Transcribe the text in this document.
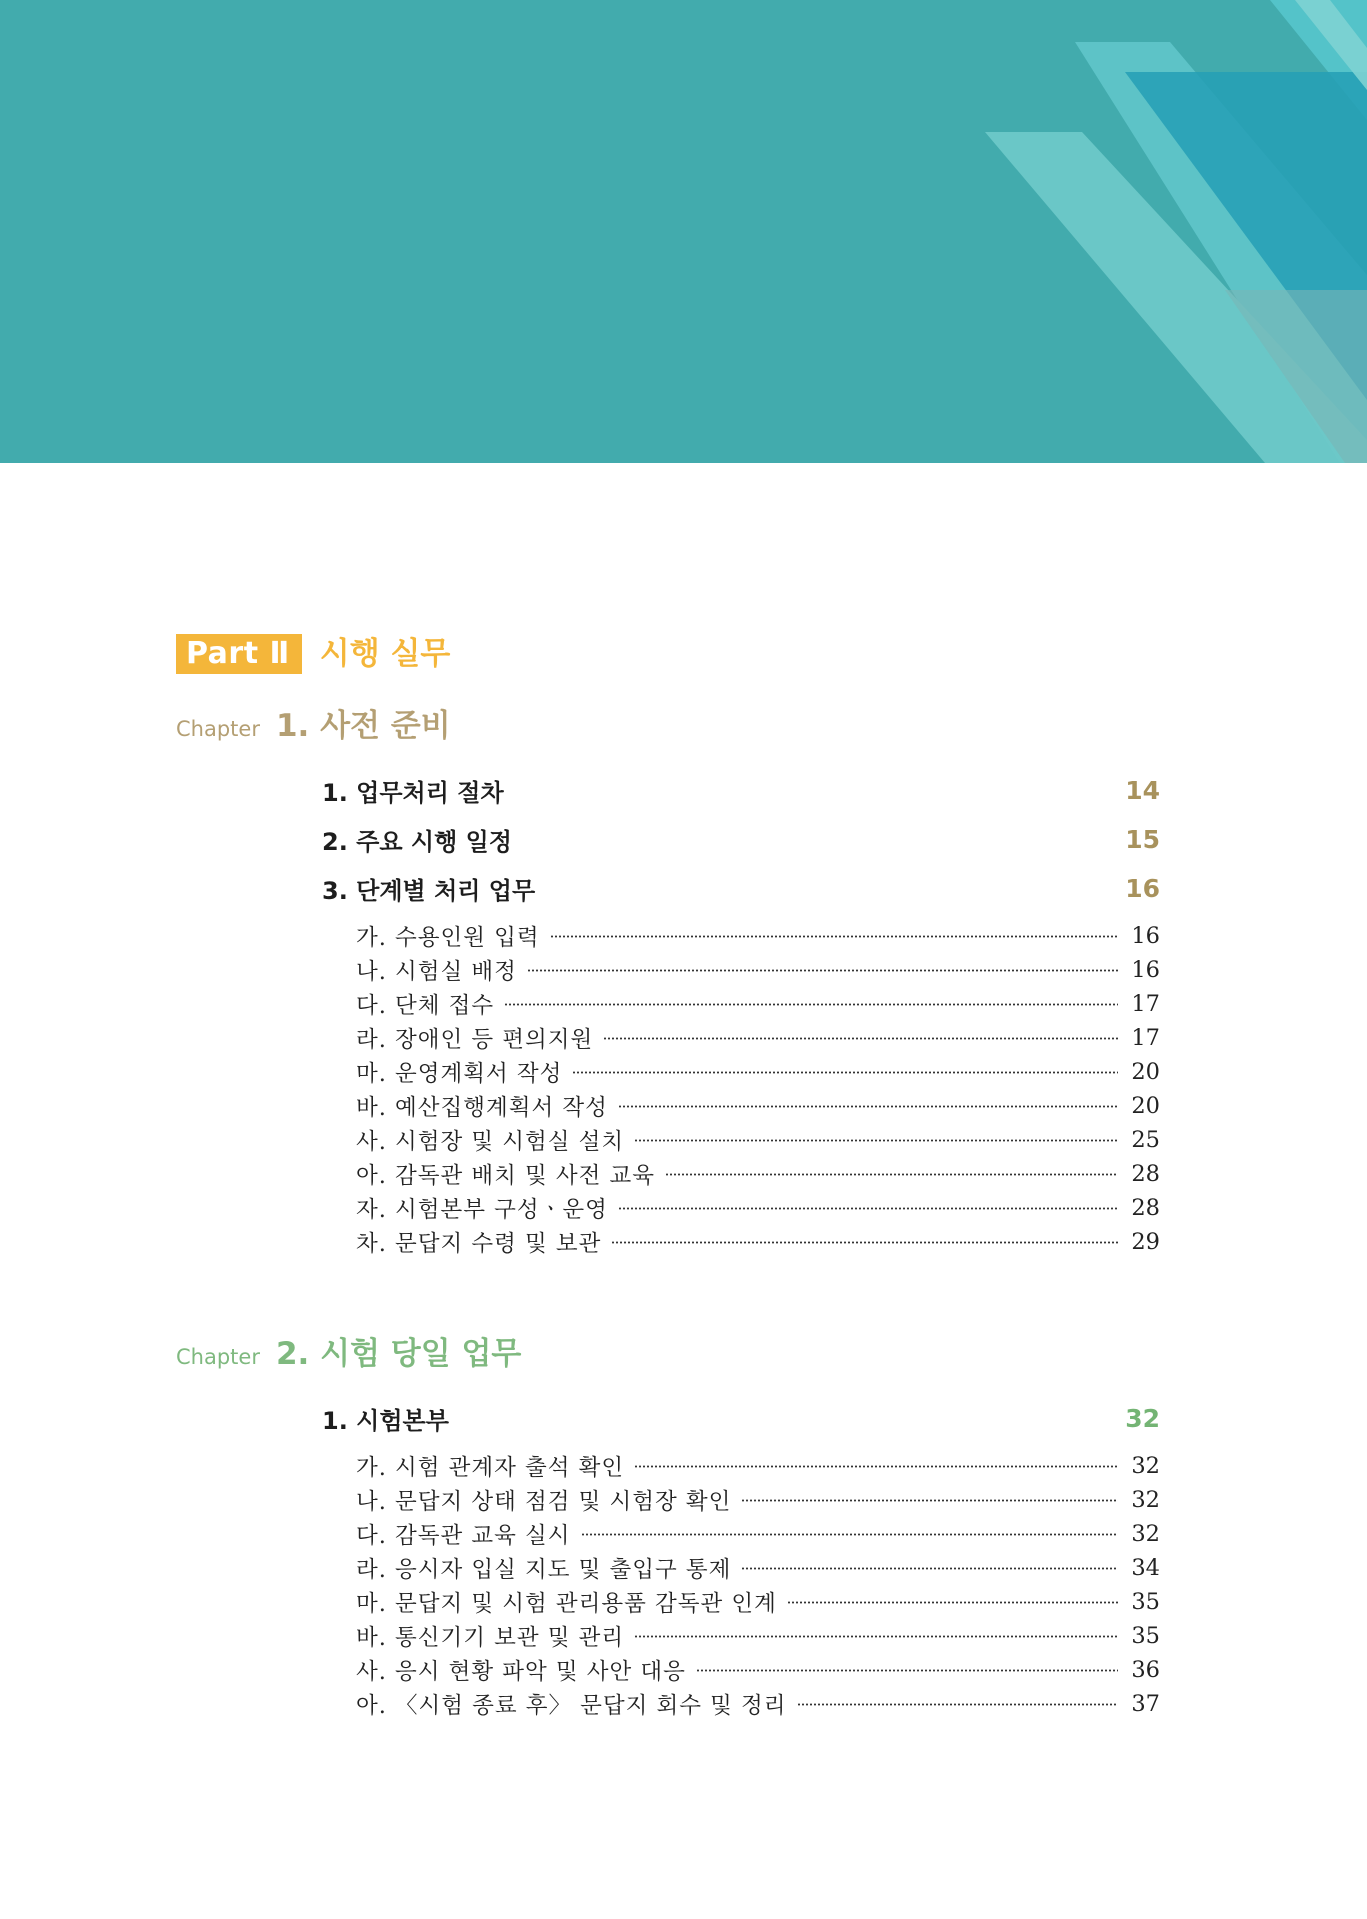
Part Ⅱ 시행 실무
Chapter 1. 사전 준비
1. 업무처리 절차	14
2. 주요 시행 일정	15
3. 단계별 처리 업무	16
가. 수용인원 입력	16
나. 시험실 배정	16
다. 단체 접수	17
라. 장애인 등 편의지원	17
마. 운영계획서 작성	20
바. 예산집행계획서 작성	20
사. 시험장 및 시험실 설치	25
아. 감독관 배치 및 사전 교육	28
자. 시험본부 구성ㆍ운영	28
차. 문답지 수령 및 보관	29
Chapter 2. 시험 당일 업무
1. 시험본부	32
가. 시험 관계자 출석 확인	32
나. 문답지 상태 점검 및 시험장 확인	32
다. 감독관 교육 실시	32
라. 응시자 입실 지도 및 출입구 통제	34
마. 문답지 및 시험 관리용품 감독관 인계	35
바. 통신기기 보관 및 관리	35
사. 응시 현황 파악 및 사안 대응	36
아. 〈시험 종료 후〉 문답지 회수 및 정리	37
